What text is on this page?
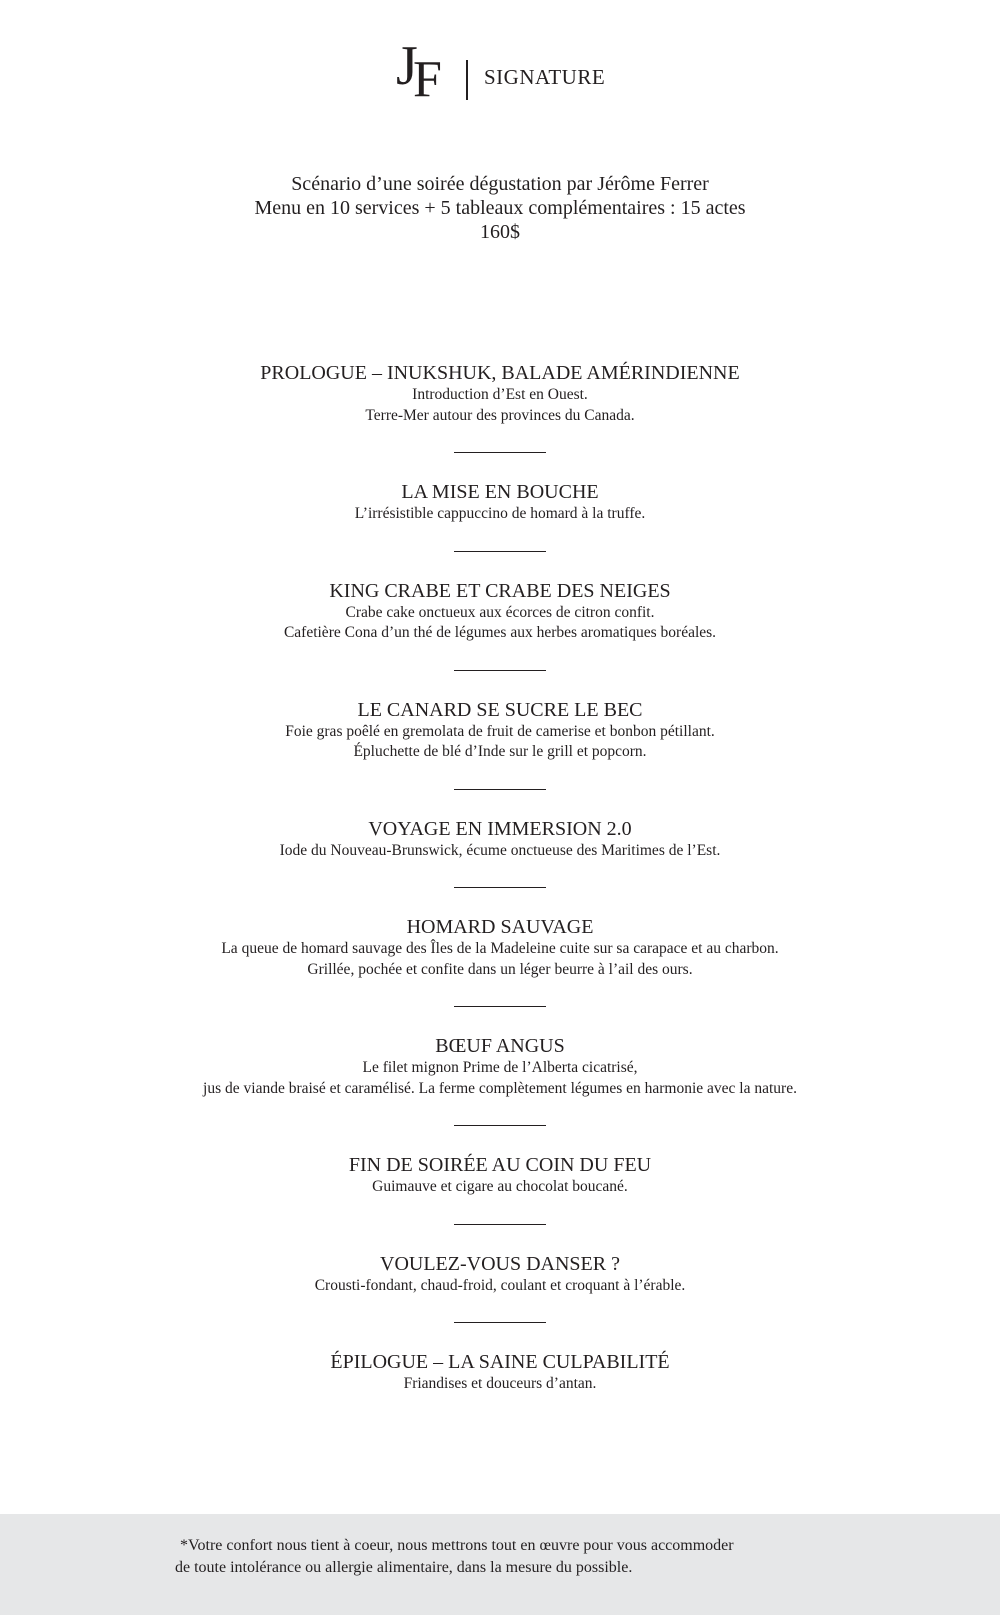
J
F SIGNATURE
Scénario d’une soirée dégustation par Jérôme Ferrer
Menu en 10 services + 5 tableaux complémentaires : 15 actes
160$
PROLOGUE – INUKSHUK, BALADE AMÉRINDIENNE
Introduction d’Est en Ouest.
Terre-Mer autour des provinces du Canada.
LA MISE EN BOUCHE
L’irrésistible cappuccino de homard à la truffe.
KING CRABE ET CRABE DES NEIGES
Crabe cake onctueux aux écorces de citron confit.
Cafetière Cona d’un thé de légumes aux herbes aromatiques boréales.
LE CANARD SE SUCRE LE BEC
Foie gras poêlé en gremolata de fruit de camerise et bonbon pétillant.
Épluchette de blé d’Inde sur le grill et popcorn.
VOYAGE EN IMMERSION 2.0
Iode du Nouveau-Brunswick, écume onctueuse des Maritimes de l’Est.
HOMARD SAUVAGE
La queue de homard sauvage des Îles de la Madeleine cuite sur sa carapace et au charbon.
Grillée, pochée et confite dans un léger beurre à l’ail des ours.
BŒUF ANGUS
Le filet mignon Prime de l’Alberta cicatrisé,
jus de viande braisé et caramélisé. La ferme complètement légumes en harmonie avec la nature.
FIN DE SOIRÉE AU COIN DU FEU
Guimauve et cigare au chocolat boucané.
VOULEZ-VOUS DANSER ?
Crousti-fondant, chaud-froid, coulant et croquant à l’érable.
ÉPILOGUE – LA SAINE CULPABILITÉ
Friandises et douceurs d’antan.
*Votre confort nous tient à coeur, nous mettrons tout en œuvre pour vous accommoder
de toute intolérance ou allergie alimentaire, dans la mesure du possible.
